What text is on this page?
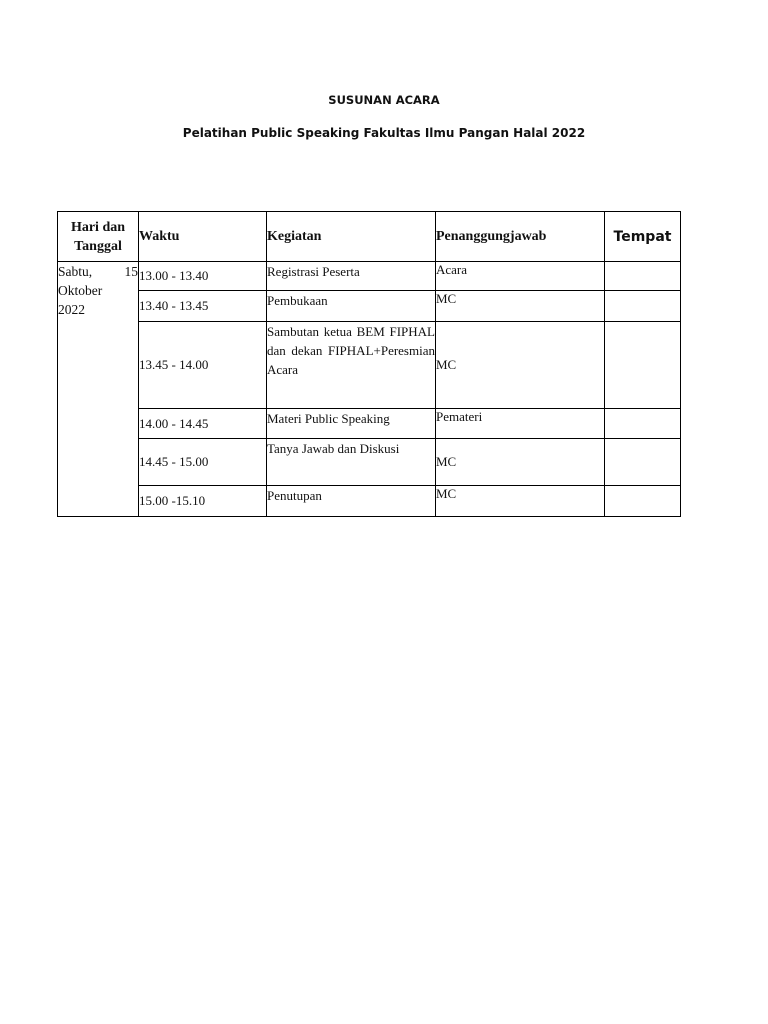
SUSUNAN ACARA
Pelatihan Public Speaking Fakultas Ilmu Pangan Halal 2022
Hari dan
Tanggal	Waktu	Kegiatan	Penanggungjawab	Tempat

Sabtu, 15
Oktober
2022	13.00 - 13.40	Registrasi Peserta	Acara	
	13.40 - 13.45	Pembukaan	MC	
	13.45 - 14.00	Sambutan ketua BEM FIPHAL dan dekan FIPHAL+Peresmian Acara	MC	
	14.00 - 14.45	Materi Public Speaking	Pemateri	
	14.45 - 15.00	Tanya Jawab dan Diskusi	MC	
	15.00 -15.10	Penutupan	MC	
